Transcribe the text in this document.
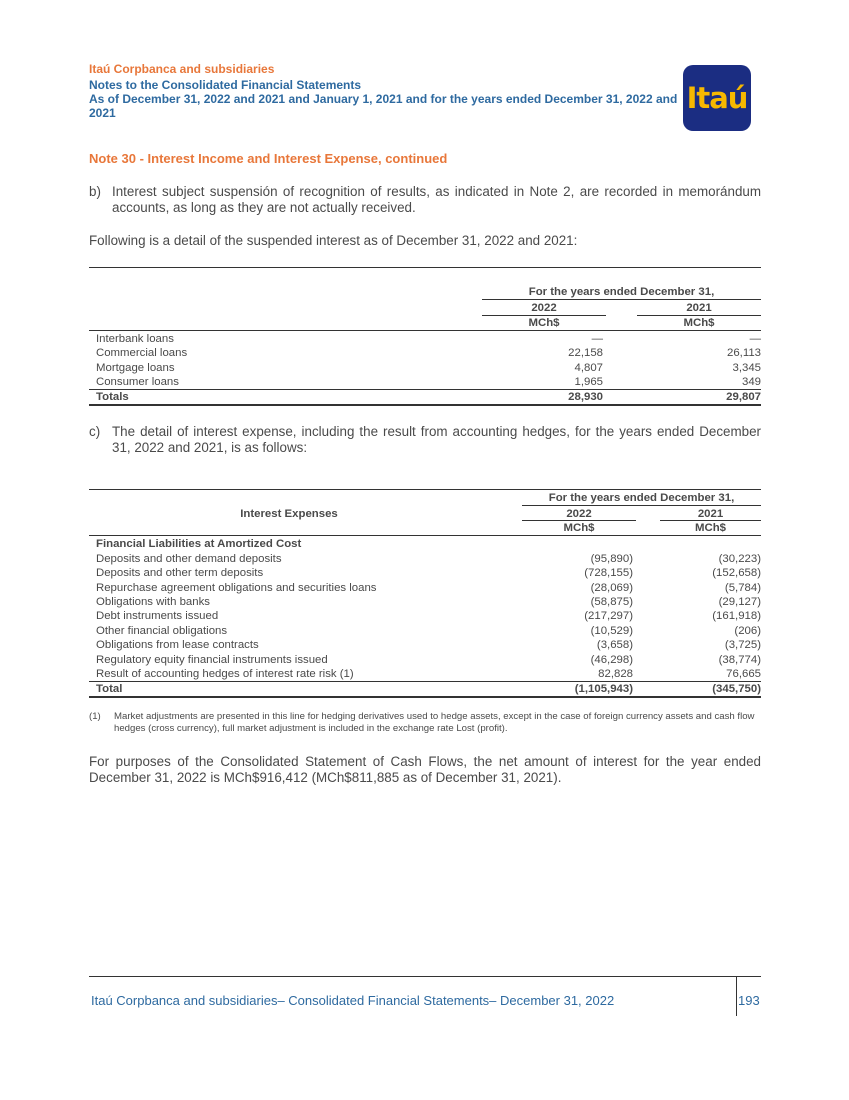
Itaú Corpbanca and subsidiaries
Notes to the Consolidated Financial Statements
As of December 31, 2022 and 2021 and January 1, 2021 and for the years ended December 31, 2022 and 2021	Itaú
Note 30 - Interest Income and Interest Expense, continued
b) Interest subject suspensión of recognition of results, as indicated in Note 2, are recorded in memorándum accounts, as long as they are not actually received.
Following is a detail of the suspended interest as of December 31, 2022 and 2021:
For the years ended December 31,
2022	2021
MCh$	MCh$
Interbank loans	—	—
Commercial loans	22,158	26,113
Mortgage loans	4,807	3,345
Consumer loans	1,965	349
Totals	28,930	29,807
c) The detail of interest expense, including the result from accounting hedges, for the years ended December 31, 2022 and 2021, is as follows:
For the years ended December 31,
Interest Expenses	2022	2021
MCh$	MCh$
Financial Liabilities at Amortized Cost
Deposits and other demand deposits	(95,890)	(30,223)
Deposits and other term deposits	(728,155)	(152,658)
Repurchase agreement obligations and securities loans	(28,069)	(5,784)
Obligations with banks	(58,875)	(29,127)
Debt instruments issued	(217,297)	(161,918)
Other financial obligations	(10,529)	(206)
Obligations from lease contracts	(3,658)	(3,725)
Regulatory equity financial instruments issued	(46,298)	(38,774)
Result of accounting hedges of interest rate risk (1)	82,828	76,665
Total	(1,105,943)	(345,750)
(1) Market adjustments are presented in this line for hedging derivatives used to hedge assets, except in the case of foreign currency assets and cash flow hedges (cross currency), full market adjustment is included in the exchange rate Lost (profit).
For purposes of the Consolidated Statement of Cash Flows, the net amount of interest for the year ended December 31, 2022 is MCh$916,412 (MCh$811,885 as of December 31, 2021).
Itaú Corpbanca and subsidiaries– Consolidated Financial Statements– December 31, 2022	193
